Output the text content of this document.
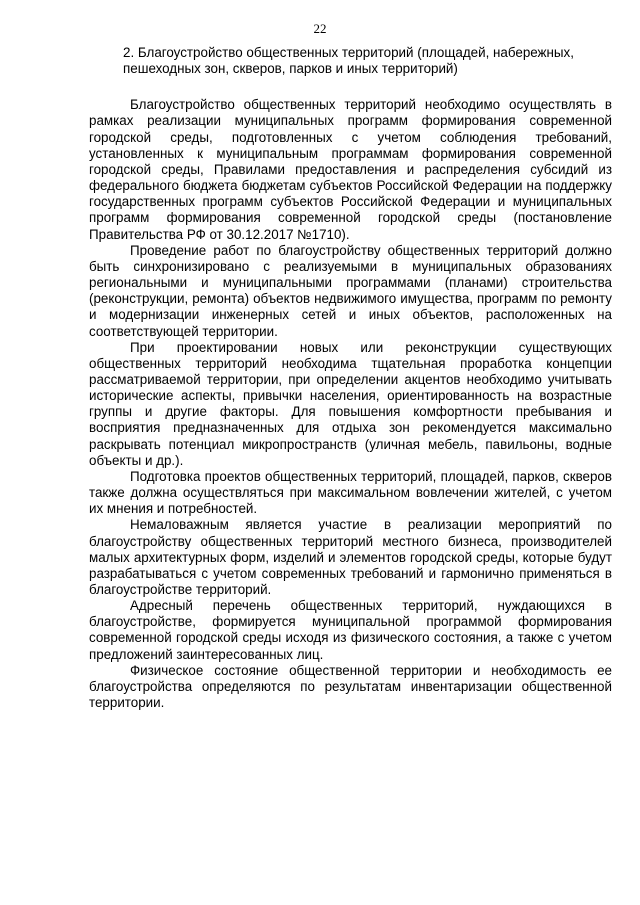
22
2. Благоустройство общественных территорий (площадей, набережных, пешеходных зон, скверов, парков и иных территорий)

Благоустройство общественных территорий необходимо осуществлять в рамках реализации муниципальных программ формирования современной городской среды, подготовленных с учетом соблюдения требований, установленных к муниципальным программам формирования современной городской среды, Правилами предоставления и распределения субсидий из федерального бюджета бюджетам субъектов Российской Федерации на поддержку государственных программ субъектов Российской Федерации и муниципальных программ формирования современной городской среды (постановление Правительства РФ от 30.12.2017 №1710).

Проведение работ по благоустройству общественных территорий должно быть синхронизировано с реализуемыми в муниципальных образованиях региональными и муниципальными программами (планами) строительства (реконструкции, ремонта) объектов недвижимого имущества, программ по ремонту и модернизации инженерных сетей и иных объектов, расположенных на соответствующей территории.

При проектировании новых или реконструкции существующих общественных территорий необходима тщательная проработка концепции рассматриваемой территории, при определении акцентов необходимо учитывать исторические аспекты, привычки населения, ориентированность на возрастные группы и другие факторы. Для повышения комфортности пребывания и восприятия предназначенных для отдыха зон рекомендуется максимально раскрывать потенциал микропространств (уличная мебель, павильоны, водные объекты и др.).

Подготовка проектов общественных территорий, площадей, парков, скверов также должна осуществляться при максимальном вовлечении жителей, с учетом их мнения и потребностей.

Немаловажным является участие в реализации мероприятий по благоустройству общественных территорий местного бизнеса, производителей малых архитектурных форм, изделий и элементов городской среды, которые будут разрабатываться с учетом современных требований и гармонично применяться в благоустройстве территорий.

Адресный перечень общественных территорий, нуждающихся в благоустройстве, формируется муниципальной программой формирования современной городской среды исходя из физического состояния, а также с учетом предложений заинтересованных лиц.

Физическое состояние общественной территории и необходимость ее благоустройства определяются по результатам инвентаризации общественной территории.
